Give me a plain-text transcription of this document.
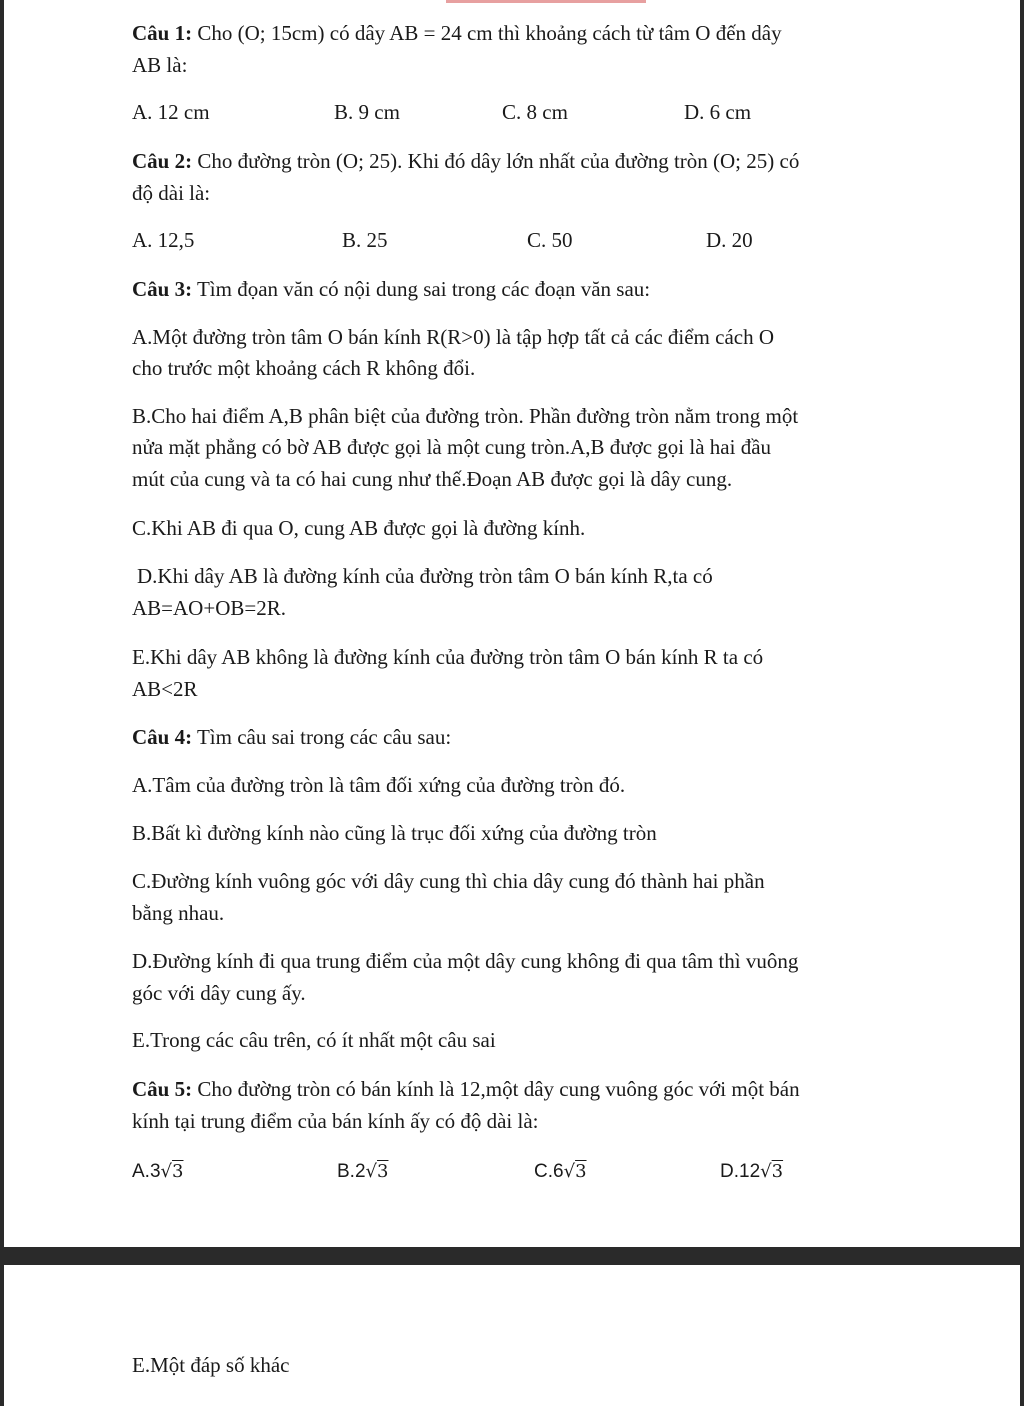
Câu 1: Cho (O; 15cm) có dây AB = 24 cm thì khoảng cách từ tâm O đến dây
AB là:
A. 12 cm	B. 9 cm	C. 8 cm	D. 6 cm
Câu 2: Cho đường tròn (O; 25). Khi đó dây lớn nhất của đường tròn (O; 25) có
độ dài là:
A. 12,5	B. 25	C. 50	D. 20
Câu 3: Tìm đọan văn có nội dung sai trong các đoạn văn sau:
A.Một đường tròn tâm O bán kính R(R>0) là tập hợp tất cả các điểm cách O
cho trước một khoảng cách R không đổi.
B.Cho hai điểm A,B phân biệt của đường tròn. Phần đường tròn nằm trong một
nửa mặt phẳng có bờ AB được gọi là một cung tròn.A,B được gọi là hai đầu
mút của cung và ta có hai cung như thế.Đoạn AB được gọi là dây cung.
C.Khi AB đi qua O, cung AB được gọi là đường kính.
D.Khi dây AB là đường kính của đường tròn tâm O bán kính R,ta có
AB=AO+OB=2R.
E.Khi dây AB không là đường kính của đường tròn tâm O bán kính R ta có
AB<2R
Câu 4: Tìm câu sai trong các câu sau:
A.Tâm của đường tròn là tâm đối xứng của đường tròn đó.
B.Bất kì đường kính nào cũng là trục đối xứng của đường tròn
C.Đường kính vuông góc với dây cung thì chia dây cung đó thành hai phần
bằng nhau.
D.Đường kính đi qua trung điểm của một dây cung không đi qua tâm thì vuông
góc với dây cung ấy.
E.Trong các câu trên, có ít nhất một câu sai
Câu 5: Cho đường tròn có bán kính là 12,một dây cung vuông góc với một bán
kính tại trung điểm của bán kính ấy có độ dài là:
A.3√3	B.2√3	C.6√3	D.12√3
E.Một đáp số khác
